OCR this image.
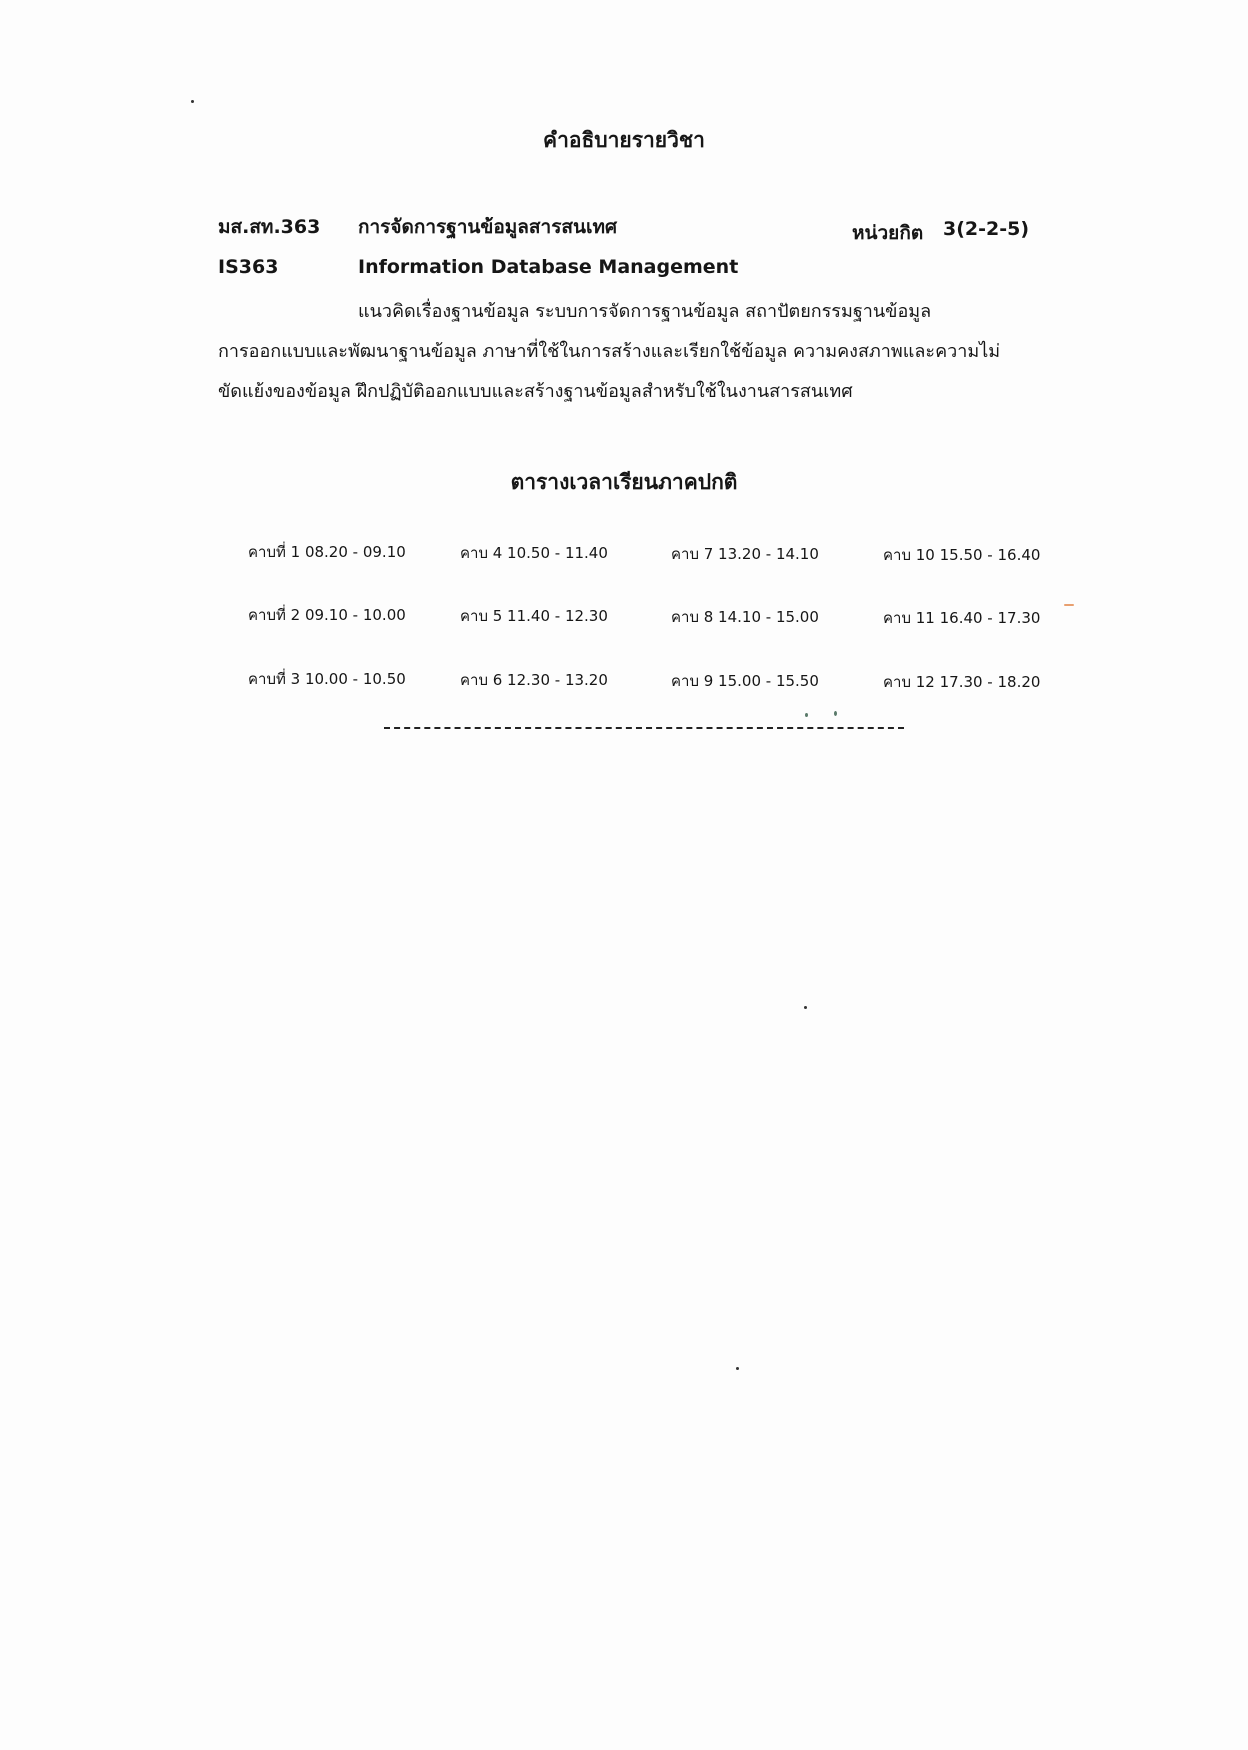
คำอธิบายรายวิชา
มส.สท.363 การจัดการฐานข้อมูลสารสนเทศ	หน่วยกิต 3(2-2-5)
IS363	Information Database Management
แนวคิดเรื่องฐานข้อมูล ระบบการจัดการฐานข้อมูล สถาปัตยกรรมฐานข้อมูล
การออกแบบและพัฒนาฐานข้อมูล ภาษาที่ใช้ในการสร้างและเรียกใช้ข้อมูล ความคงสภาพและความไม่
ขัดแย้งของข้อมูล ฝึกปฏิบัติออกแบบและสร้างฐานข้อมูลสำหรับใช้ในงานสารสนเทศ
ตารางเวลาเรียนภาคปกติ
คาบที่ 1 08.20 - 09.10	คาบ 4 10.50 - 11.40	คาบ 7 13.20 - 14.10	คาบ 10 15.50 - 16.40
คาบที่ 2 09.10 - 10.00	คาบ 5 11.40 - 12.30	คาบ 8 14.10 - 15.00	คาบ 11 16.40 - 17.30
คาบที่ 3 10.00 - 10.50	คาบ 6 12.30 - 13.20	คาบ 9 15.00 - 15.50	คาบ 12 17.30 - 18.20
